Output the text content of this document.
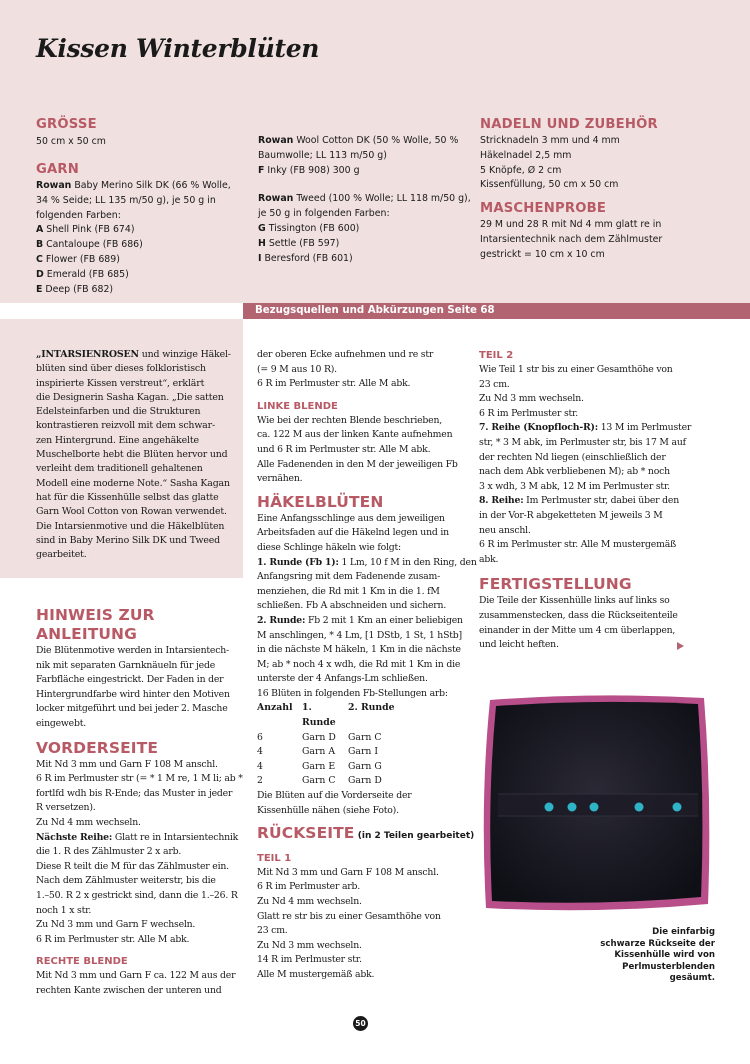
Kissen Winterblüten
GRÖSSE
50 cm x 50 cm
GARN

Rowan Baby Merino Silk DK (66 % Wolle,

34 % Seide; LL 135 m/50 g), je 50 g in

folgenden Farben:

A Shell Pink (FB 674)

B Cantaloupe (FB 686)

C Flower (FB 689)

D Emerald (FB 685)

E Deep (FB 682)

Rowan Wool Cotton DK (50 % Wolle, 50 %

Baumwolle; LL 113 m/50 g)

F Inky (FB 908) 300 g

Rowan Tweed (100 % Wolle; LL 118 m/50 g),

je 50 g in folgenden Farben:

G Tissington (FB 600)

H Settle (FB 597)

I Beresford (FB 601)

NADELN UND ZUBEHÖR

Stricknadeln 3 mm und 4 mm

Häkelnadel 2,5 mm

5 Knöpfe, Ø 2 cm

Kissenfüllung, 50 cm x 50 cm

MASCHENPROBE

29 M und 28 R mit Nd 4 mm glatt re in

Intarsientechnik nach dem Zählmuster

gestrickt = 10 cm x 10 cm

Bezugsquellen und Abkürzungen Seite 68

„INTARSIENROSEN und winzige Häkel-

blüten sind über dieses folkloristisch

inspirierte Kissen verstreut“, erklärt

die Designerin Sasha Kagan. „Die satten

Edelsteinfarben und die Strukturen

kontrastieren reizvoll mit dem schwar-

zen Hintergrund. Eine angehäkelte

Muschelborte hebt die Blüten hervor und

verleiht dem traditionell gehaltenen

Modell eine moderne Note.“ Sasha Kagan

hat für die Kissenhülle selbst das glatte

Garn Wool Cotton von Rowan verwendet.

Die Intarsienmotive und die Häkelblüten

sind in Baby Merino Silk DK und Tweed

gearbeitet.

HINWEIS ZUR ANLEITUNG

Die Blütenmotive werden in Intarsientech-

nik mit separaten Garnknäueln für jede

Farbfläche eingestrickt. Der Faden in der

Hintergrundfarbe wird hinter den Motiven

locker mitgeführt und bei jeder 2. Masche

eingewebt.

VORDERSEITE

Mit Nd 3 mm und Garn F 108 M anschl.

6 R im Perlmuster str (= * 1 M re, 1 M li; ab *

fortlfd wdh bis R-Ende; das Muster in jeder

R versetzen).

Zu Nd 4 mm wechseln.

Nächste Reihe: Glatt re in Intarsientechnik

die 1. R des Zählmuster 2 x arb.

Diese R teilt die M für das Zählmuster ein.

Nach dem Zählmuster weiterstr, bis die

1.–50. R 2 x gestrickt sind, dann die 1.–26. R

noch 1 x str.

Zu Nd 3 mm und Garn F wechseln.

6 R im Perlmuster str. Alle M abk.

RECHTE BLENDE

Mit Nd 3 mm und Garn F ca. 122 M aus der

rechten Kante zwischen der unteren und

der oberen Ecke aufnehmen und re str

(= 9 M aus 10 R).

6 R im Perlmuster str. Alle M abk.

LINKE BLENDE

Wie bei der rechten Blende beschrieben,

ca. 122 M aus der linken Kante aufnehmen

und 6 R im Perlmuster str. Alle M abk.

Alle Fadenenden in den M der jeweiligen Fb

vernähen.

HÄKELBLÜTEN

Eine Anfangsschlinge aus dem jeweiligen

Arbeitsfaden auf die Häkelnd legen und in

diese Schlinge häkeln wie folgt:

1. Runde (Fb 1): 1 Lm, 10 f M in den Ring, den

Anfangsring mit dem Fadenende zusam-

menziehen, die Rd mit 1 Km in die 1. fM

schließen. Fb A abschneiden und sichern.

2. Runde: Fb 2 mit 1 Km an einer beliebigen

M anschlingen, * 4 Lm, [1 DStb, 1 St, 1 hStb]

in die nächste M häkeln, 1 Km in die nächste

M; ab * noch 4 x wdh, die Rd mit 1 Km in die

unterste der 4 Anfangs-Lm schließen.

16 Blüten in folgenden Fb-Stellungen arb:

Anzahl	1. Runde	2. Runde
6	Garn D	Garn C
4	Garn A	Garn I
4	Garn E	Garn G
2	Garn C	Garn D

Die Blüten auf die Vorderseite der

Kissenhülle nähen (siehe Foto).

RÜCKSEITE (in 2 Teilen gearbeitet)
TEIL 1

Mit Nd 3 mm und Garn F 108 M anschl.

6 R im Perlmuster arb.

Zu Nd 4 mm wechseln.

Glatt re str bis zu einer Gesamthöhe von

23 cm.

Zu Nd 3 mm wechseln.

14 R im Perlmuster str.

Alle M mustergemäß abk.

TEIL 2

Wie Teil 1 str bis zu einer Gesamthöhe von

23 cm.

Zu Nd 3 mm wechseln.

6 R im Perlmuster str.

7. Reihe (Knopfloch-R): 13 M im Perlmuster

str, * 3 M abk, im Perlmuster str, bis 17 M auf

der rechten Nd liegen (einschließlich der

nach dem Abk verbliebenen M); ab * noch

3 x wdh, 3 M abk, 12 M im Perlmuster str.

8. Reihe: Im Perlmuster str, dabei über den

in der Vor-R abgeketteten M jeweils 3 M

neu anschl.

6 R im Perlmuster str. Alle M mustergemäß

abk.

FERTIGSTELLUNG

Die Teile der Kissenhülle links auf links so

zusammenstecken, dass die Rückseitenteile

einander in der Mitte um 4 cm überlappen,

und leicht heften.

Die einfarbig

schwarze Rückseite der

Kissenhülle wird von

Perlmusterblenden

gesäumt.

50
